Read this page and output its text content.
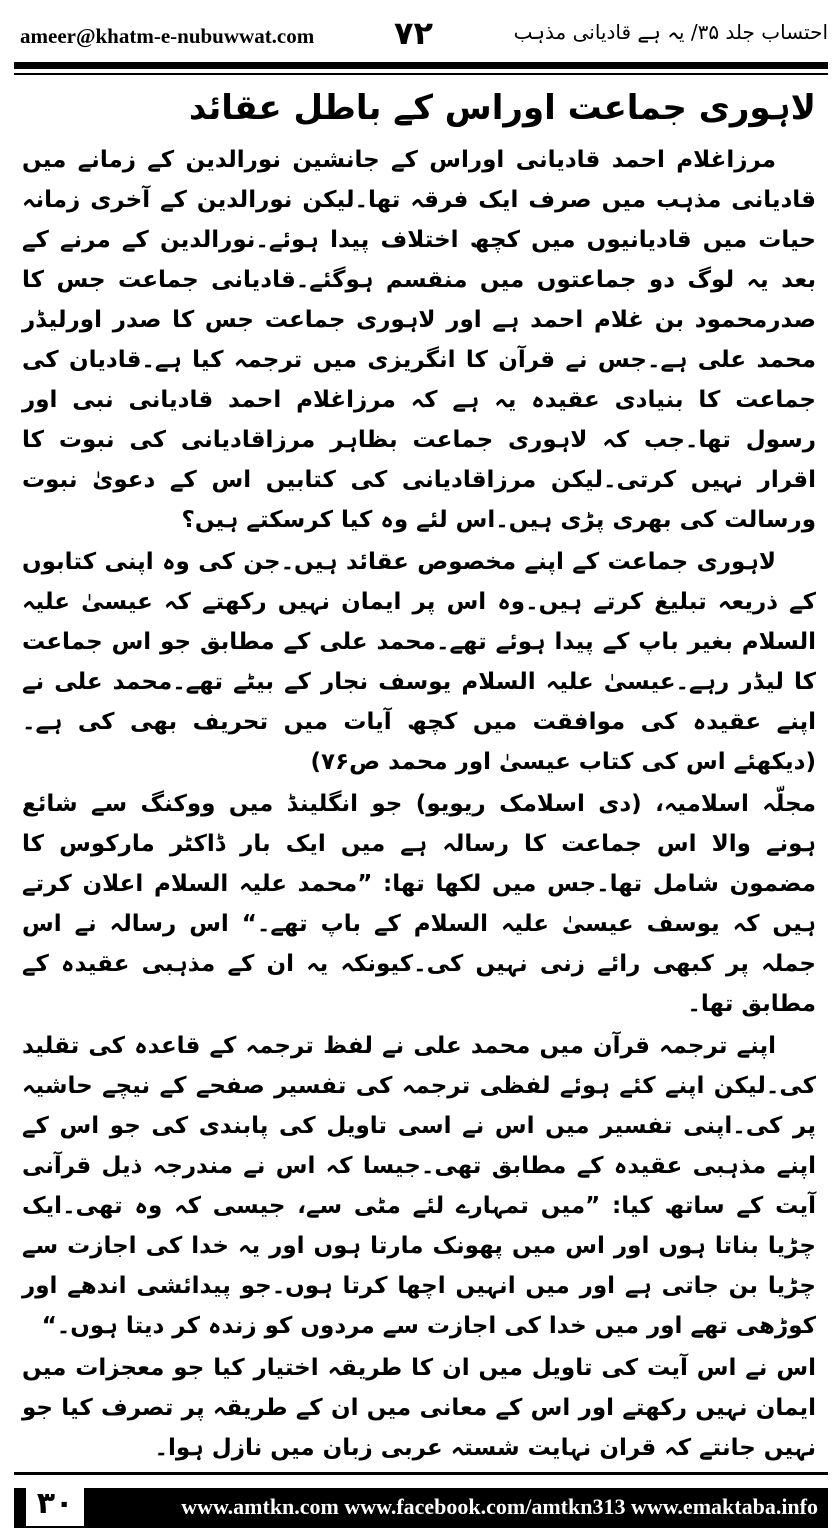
ameer@khatm-e-nubuwwat.com ۷۲	احتساب جلد ۳۵/ یہ ہے قادیانی مذہب
لاہوری جماعت اوراس کے باطل عقائد

مرزاغلام احمد قادیانی اوراس کے جانشین نورالدین کے زمانے میں قادیانی مذہب میں صرف ایک فرقہ تھا۔لیکن نورالدین کے آخری زمانہ حیات میں قادیانیوں میں کچھ اختلاف پیدا ہوئے۔نورالدین کے مرنے کے بعد یہ لوگ دو جماعتوں میں منقسم ہوگئے۔قادیانی جماعت جس کا صدرمحمود بن غلام احمد ہے اور لاہوری جماعت جس کا صدر اورلیڈر محمد علی ہے۔جس نے قرآن کا انگریزی میں ترجمہ کیا ہے۔قادیان کی جماعت کا بنیادی عقیدہ یہ ہے کہ مرزاغلام احمد قادیانی نبی اور رسول تھا۔جب کہ لاہوری جماعت بظاہر مرزاقادیانی کی نبوت کا اقرار نہیں کرتی۔لیکن مرزاقادیانی کی کتابیں اس کے دعویٰ نبوت ورسالت کی بھری پڑی ہیں۔اس لئے وہ کیا کرسکتے ہیں؟

لاہوری جماعت کے اپنے مخصوص عقائد ہیں۔جن کی وہ اپنی کتابوں کے ذریعہ تبلیغ کرتے ہیں۔وہ اس پر ایمان نہیں رکھتے کہ عیسیٰ علیہ السلام بغیر باپ کے پیدا ہوئے تھے۔محمد علی کے مطابق جو اس جماعت کا لیڈر رہے۔عیسیٰ علیہ السلام یوسف نجار کے بیٹے تھے۔محمد علی نے اپنے عقیدہ کی موافقت میں کچھ آیات میں تحریف بھی کی ہے۔ (دیکھئے اس کی کتاب عیسیٰ اور محمد ص۷۶)

مجلّہ اسلامیہ، (دی اسلامک ریویو) جو انگلینڈ میں ووکنگ سے شائع ہونے والا اس جماعت کا رسالہ ہے میں ایک بار ڈاکٹر مارکوس کا مضمون شامل تھا۔جس میں لکھا تھا: ”محمد علیہ السلام اعلان کرتے ہیں کہ یوسف عیسیٰ علیہ السلام کے باپ تھے۔“ اس رسالہ نے اس جملہ پر کبھی رائے زنی نہیں کی۔کیونکہ یہ ان کے مذہبی عقیدہ کے مطابق تھا۔

اپنے ترجمہ قرآن میں محمد علی نے لفظ ترجمہ کے قاعدہ کی تقلید کی۔لیکن اپنے کئے ہوئے لفظی ترجمہ کی تفسیر صفحے کے نیچے حاشیہ پر کی۔اپنی تفسیر میں اس نے اسی تاویل کی پابندی کی جو اس کے اپنے مذہبی عقیدہ کے مطابق تھی۔جیسا کہ اس نے مندرجہ ذیل قرآنی آیت کے ساتھ کیا: ”میں تمہارے لئے مٹی سے، جیسی کہ وہ تھی۔ایک چڑیا بناتا ہوں اور اس میں پھونک مارتا ہوں اور یہ خدا کی اجازت سے چڑیا بن جاتی ہے اور میں انہیں اچھا کرتا ہوں۔جو پیدائشی اندھے اور کوڑھی تھے اور میں خدا کی اجازت سے مردوں کو زندہ کر دیتا ہوں۔“

اس نے اس آیت کی تاویل میں ان کا طریقہ اختیار کیا جو معجزات میں ایمان نہیں رکھتے اور اس کے معانی میں ان کے طریقہ پر تصرف کیا جو نہیں جانتے کہ قران نہایت شستہ عربی زبان میں نازل ہوا۔

www.amtkn.com www.facebook.com/amtkn313 www.emaktaba.info
۳۰
